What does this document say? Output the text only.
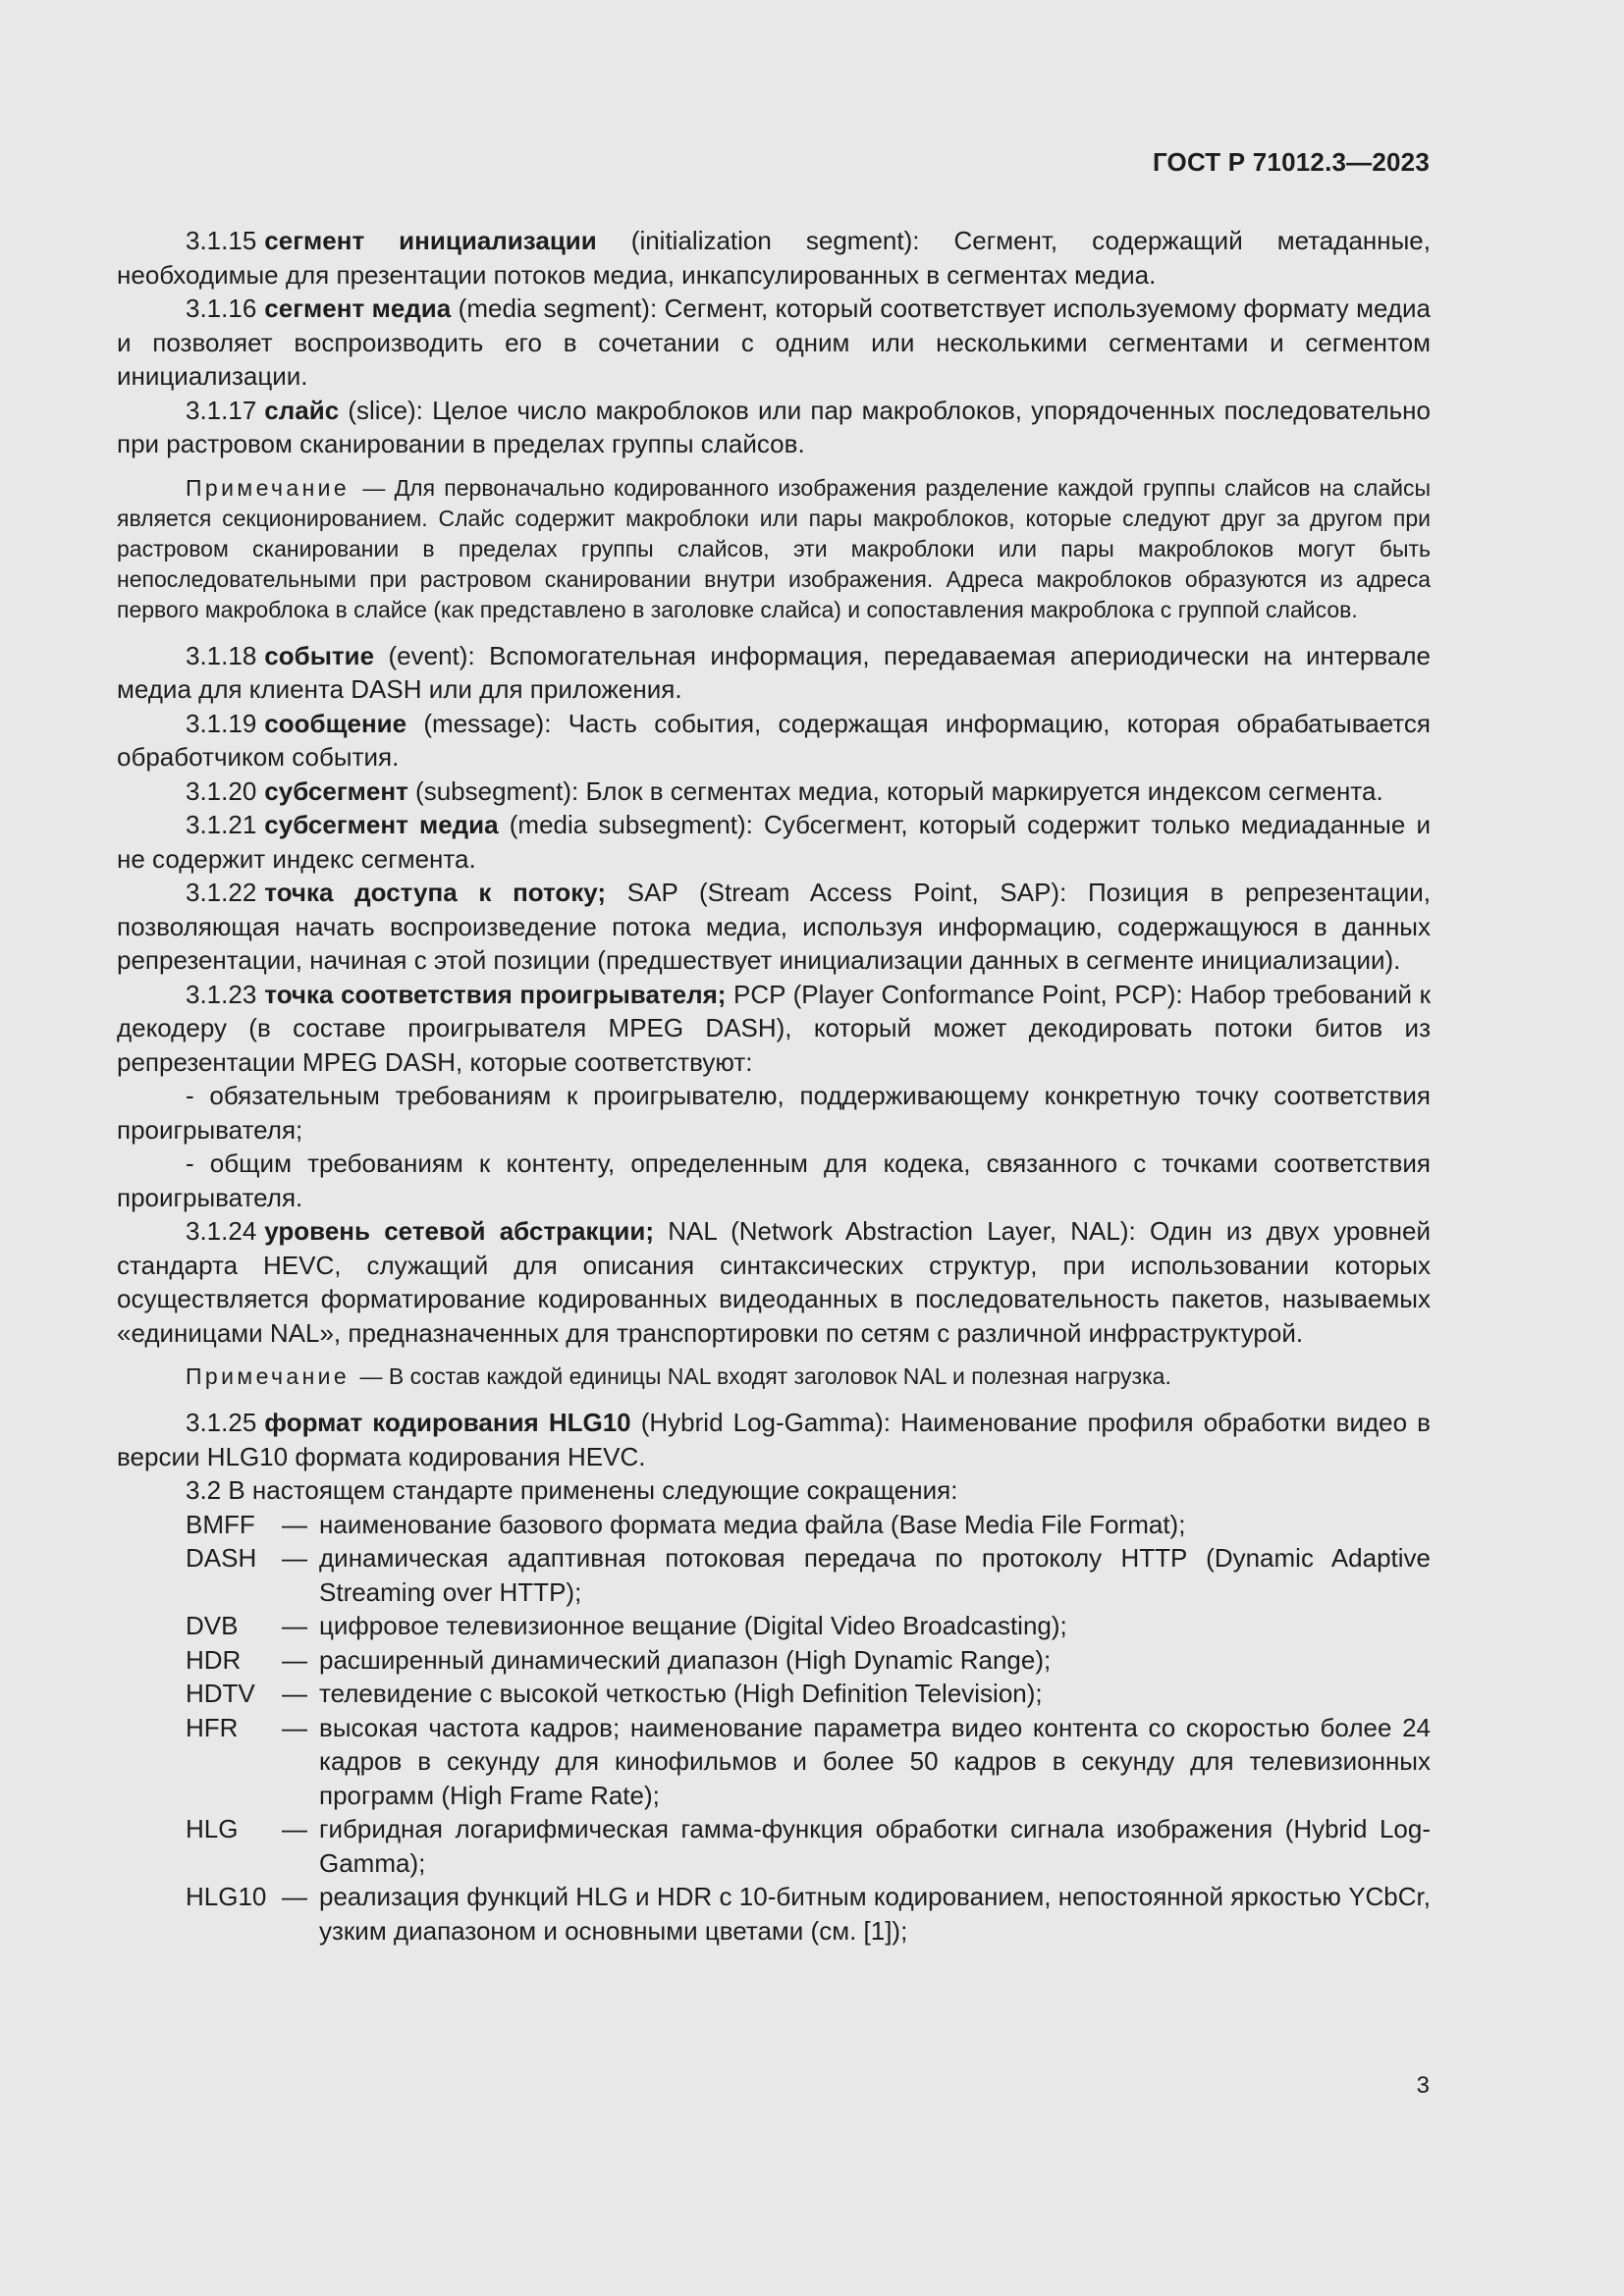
ГОСТ Р 71012.3—2023

3.1.15 сегмент инициализации (initialization segment): Сегмент, содержащий метаданные, необходимые для презентации потоков медиа, инкапсулированных в сегментах медиа.

3.1.16 сегмент медиа (media segment): Сегмент, который соответствует используемому формату медиа и позволяет воспроизводить его в сочетании с одним или несколькими сегментами и сегментом инициализации.

3.1.17 слайс (slice): Целое число макроблоков или пар макроблоков, упорядоченных последовательно при растровом сканировании в пределах группы слайсов.

Примечание — Для первоначально кодированного изображения разделение каждой группы слайсов на слайсы является секционированием. Слайс содержит макроблоки или пары макроблоков, которые следуют друг за другом при растровом сканировании в пределах группы слайсов, эти макроблоки или пары макроблоков могут быть непоследовательными при растровом сканировании внутри изображения. Адреса макроблоков образуются из адреса первого макроблока в слайсе (как представлено в заголовке слайса) и сопоставления макроблока с группой слайсов.

3.1.18 событие (event): Вспомогательная информация, передаваемая апериодически на интервале медиа для клиента DASH или для приложения.

3.1.19 сообщение (message): Часть события, содержащая информацию, которая обрабатывается обработчиком события.

3.1.20 субсегмент (subsegment): Блок в сегментах медиа, который маркируется индексом сегмента.

3.1.21 субсегмент медиа (media subsegment): Субсегмент, который содержит только медиаданные и не содержит индекс сегмента.

3.1.22 точка доступа к потоку; SAP (Stream Access Point, SAP): Позиция в репрезентации, позволяющая начать воспроизведение потока медиа, используя информацию, содержащуюся в данных репрезентации, начиная с этой позиции (предшествует инициализации данных в сегменте инициализации).

3.1.23 точка соответствия проигрывателя; PCP (Player Conformance Point, PCP): Набор требований к декодеру (в составе проигрывателя MPEG DASH), который может декодировать потоки битов из репрезентации MPEG DASH, которые соответствуют:

- обязательным требованиям к проигрывателю, поддерживающему конкретную точку соответствия проигрывателя;

- общим требованиям к контенту, определенным для кодека, связанного с точками соответствия проигрывателя.

3.1.24 уровень сетевой абстракции; NAL (Network Abstraction Layer, NAL): Один из двух уровней стандарта HEVC, служащий для описания синтаксических структур, при использовании которых осуществляется форматирование кодированных видеоданных в последовательность пакетов, называемых «единицами NAL», предназначенных для транспортировки по сетям с различной инфраструктурой.

Примечание — В состав каждой единицы NAL входят заголовок NAL и полезная нагрузка.

3.1.25 формат кодирования HLG10 (Hybrid Log-Gamma): Наименование профиля обработки видео в версии HLG10 формата кодирования HEVC.

3.2 В настоящем стандарте применены следующие сокращения:

BMFF	— наименование базового формата медиа файла (Base Media File Format);
DASH — динамическая адаптивная потоковая передача по протоколу HTTP (Dynamic Adaptive Streaming over HTTP);
DVB	— цифровое телевизионное вещание (Digital Video Broadcasting);
HDR	— расширенный динамический диапазон (High Dynamic Range);
HDTV	— телевидение с высокой четкостью (High Definition Television);
HFR	— высокая частота кадров; наименование параметра видео контента со скоростью более 24 кадров в секунду для кинофильмов и более 50 кадров в секунду для телевизионных программ (High Frame Rate);
HLG	— гибридная логарифмическая гамма-функция обработки сигнала изображения (Hybrid Log-Gamma);
HLG10 — реализация функций HLG и HDR с 10-битным кодированием, непостоянной яркостью YCbCr, узким диапазоном и основными цветами (см. [1]);
3
